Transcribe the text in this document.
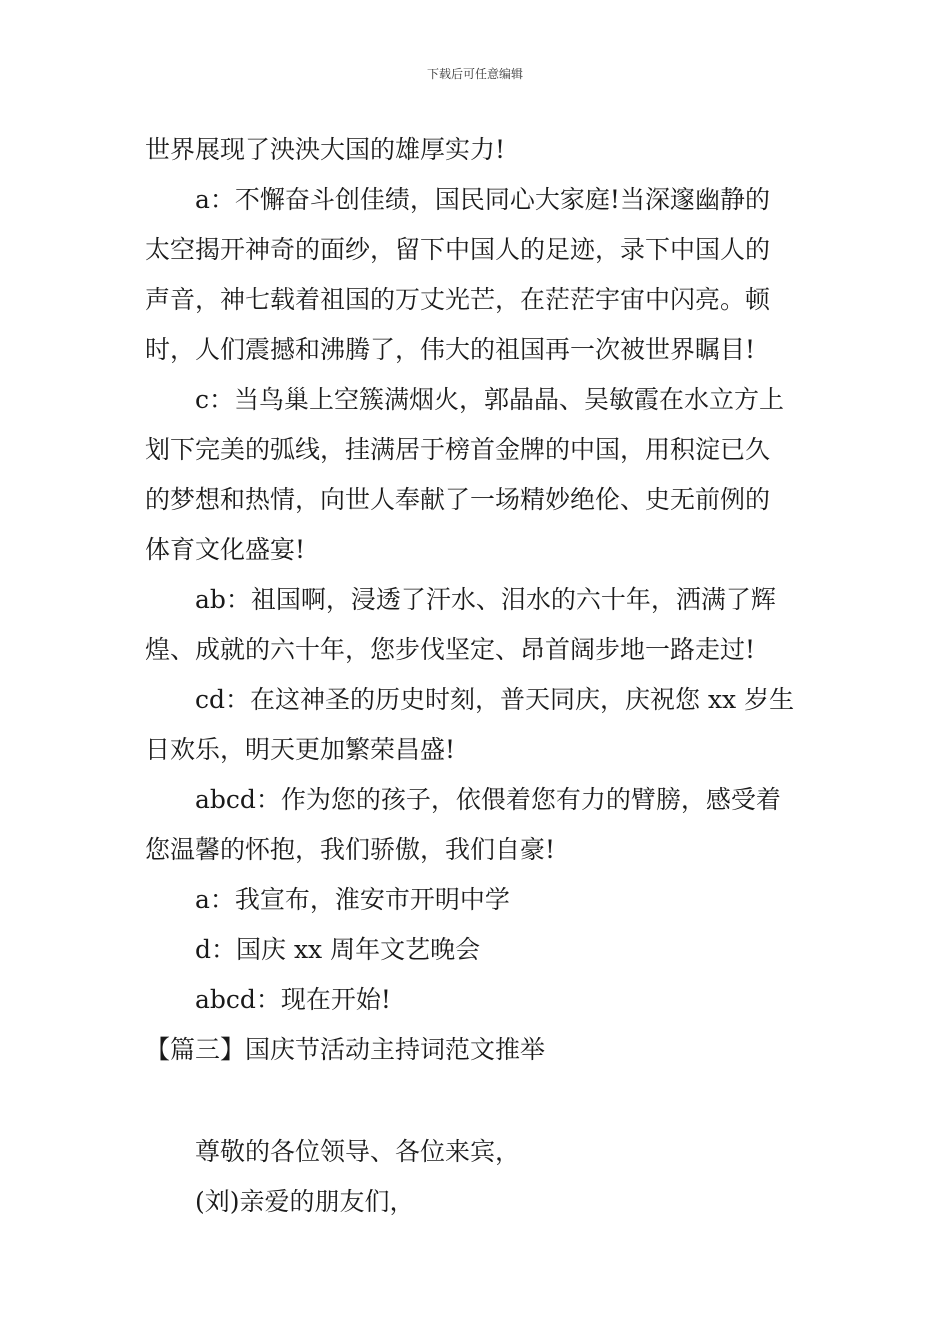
下载后可任意编辑
世界展现了泱泱大国的雄厚实力!
a：不懈奋斗创佳绩，国民同心大家庭!当深邃幽静的
太空揭开神奇的面纱，留下中国人的足迹，录下中国人的
声音，神七载着祖国的万丈光芒，在茫茫宇宙中闪亮。顿
时，人们震撼和沸腾了，伟大的祖国再一次被世界瞩目!
c：当鸟巢上空簇满烟火，郭晶晶、吴敏霞在水立方上
划下完美的弧线，挂满居于榜首金牌的中国，用积淀已久
的梦想和热情，向世人奉献了一场精妙绝伦、史无前例的
体育文化盛宴!
ab：祖国啊，浸透了汗水、泪水的六十年，洒满了辉
煌、成就的六十年，您步伐坚定、昂首阔步地一路走过!
cd：在这神圣的历史时刻，普天同庆，庆祝您 xx 岁生
日欢乐，明天更加繁荣昌盛!
abcd：作为您的孩子，依偎着您有力的臂膀，感受着
您温馨的怀抱，我们骄傲，我们自豪!
a：我宣布，淮安市开明中学
d：国庆 xx 周年文艺晚会
abcd：现在开始!
【篇三】国庆节活动主持词范文推举
尊敬的各位领导、各位来宾，
(刘)亲爱的朋友们，
